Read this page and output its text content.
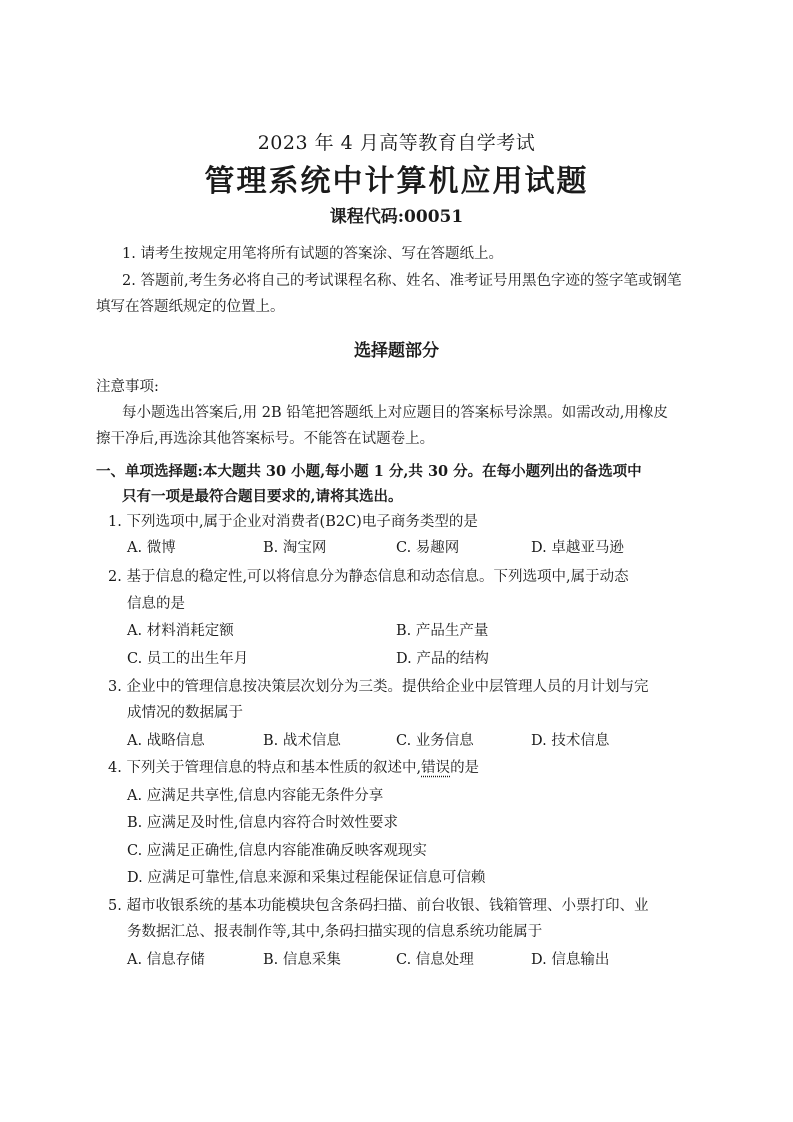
2023 年 4 月高等教育自学考试
管理系统中计算机应用试题
课程代码:00051
1. 请考生按规定用笔将所有试题的答案涂、写在答题纸上。
2. 答题前,考生务必将自己的考试课程名称、姓名、准考证号用黑色字迹的签字笔或钢笔
填写在答题纸规定的位置上。
选择题部分
注意事项:
每小题选出答案后,用 2B 铅笔把答题纸上对应题目的答案标号涂黑。如需改动,用橡皮
擦干净后,再选涂其他答案标号。不能答在试题卷上。
一、单项选择题:本大题共 30 小题,每小题 1 分,共 30 分。在每小题列出的备选项中
只有一项是最符合题目要求的,请将其选出。
1. 下列选项中,属于企业对消费者(B2C)电子商务类型的是
A. 微博	B. 淘宝网	C. 易趣网	D. 卓越亚马逊
2. 基于信息的稳定性,可以将信息分为静态信息和动态信息。下列选项中,属于动态
信息的是
A. 材料消耗定额	B. 产品生产量
C. 员工的出生年月	D. 产品的结构
3. 企业中的管理信息按决策层次划分为三类。提供给企业中层管理人员的月计划与完
成情况的数据属于
A. 战略信息	B. 战术信息	C. 业务信息	D. 技术信息
4. 下列关于管理信息的特点和基本性质的叙述中,错误的是
A. 应满足共享性,信息内容能无条件分享
B. 应满足及时性,信息内容符合时效性要求
C. 应满足正确性,信息内容能准确反映客观现实
D. 应满足可靠性,信息来源和采集过程能保证信息可信赖
5. 超市收银系统的基本功能模块包含条码扫描、前台收银、钱箱管理、小票打印、业
务数据汇总、报表制作等,其中,条码扫描实现的信息系统功能属于
A. 信息存储	B. 信息采集	C. 信息处理	D. 信息输出
